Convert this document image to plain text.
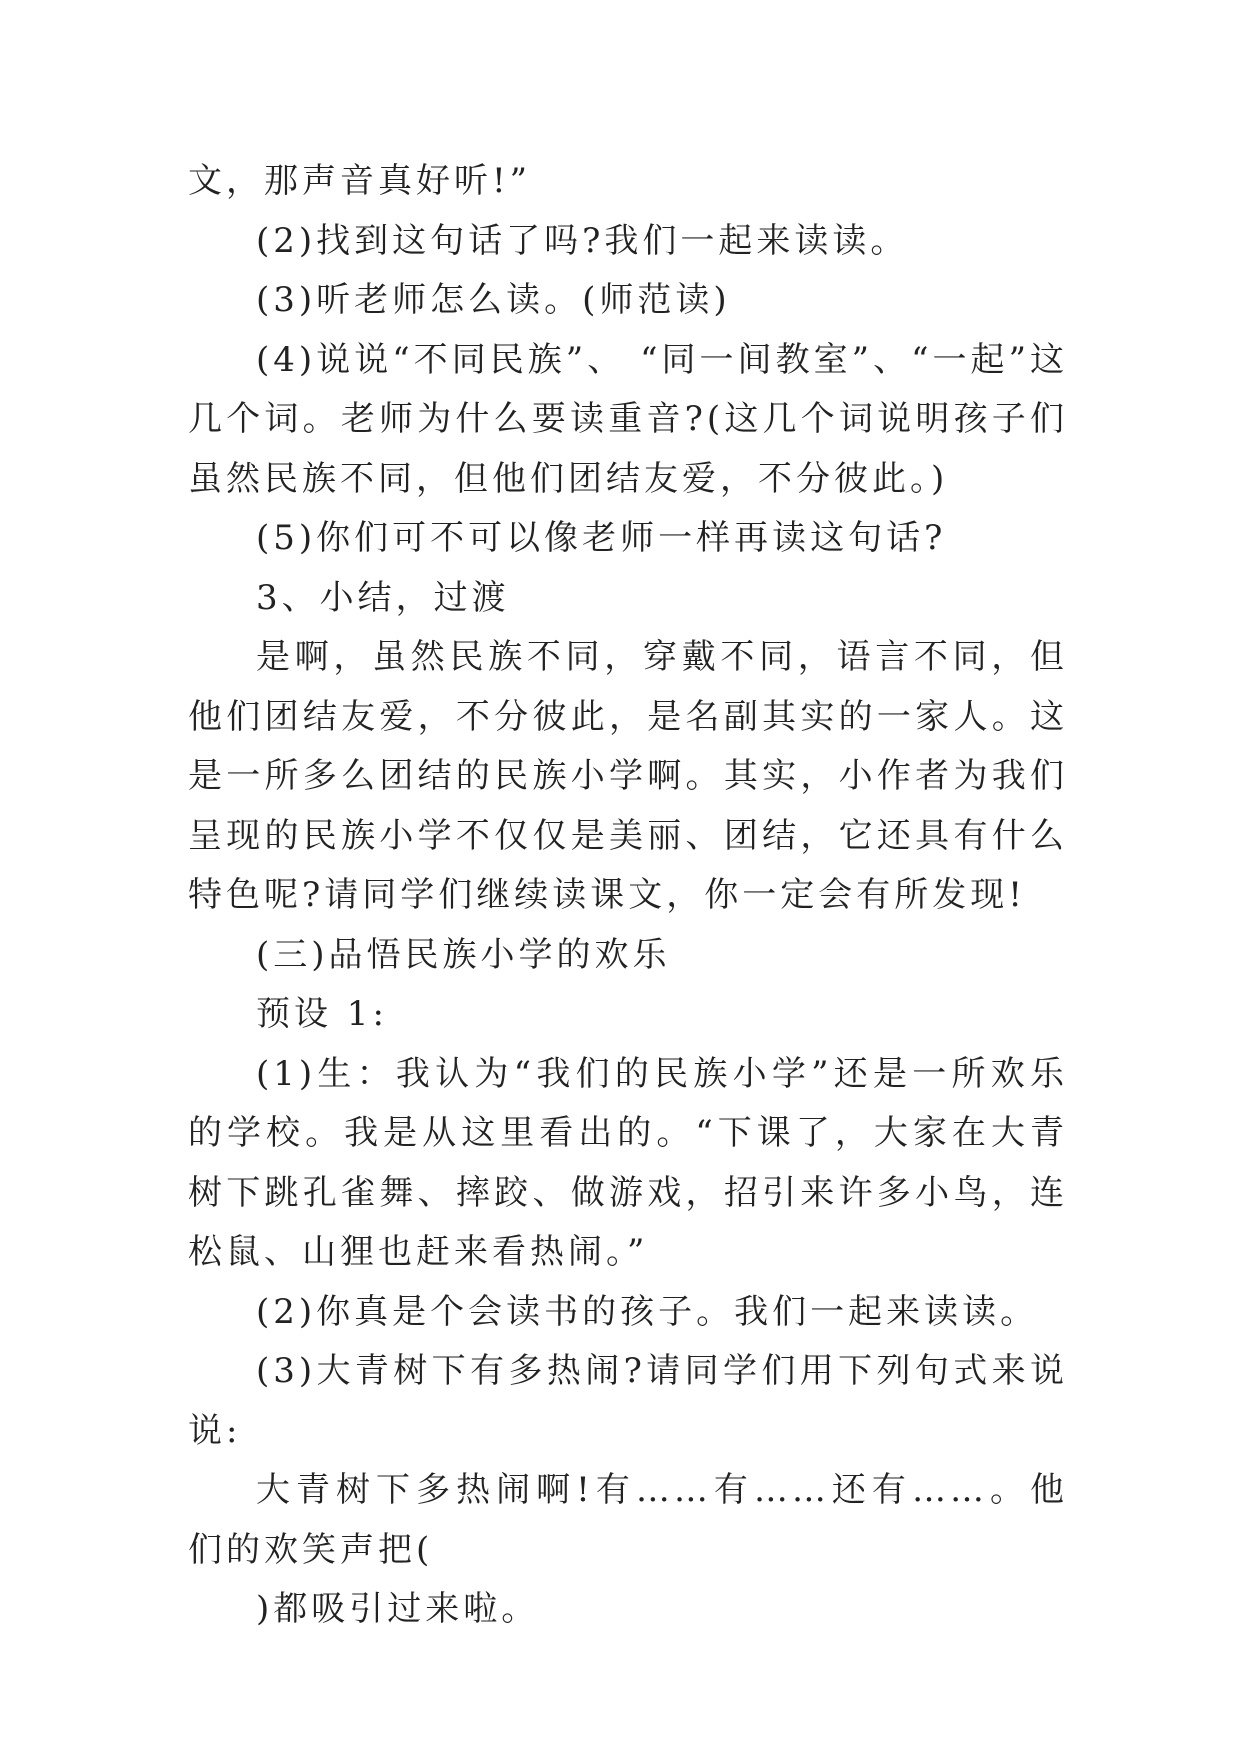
文，那声音真好听!”

(2)找到这句话了吗?我们一起来读读。

(3)听老师怎么读。(师范读)

(4)说说“不同民族”、 “同一间教室”、“一起”这几个词。老师为什么要读重音?(这几个词说明孩子们虽然民族不同，但他们团结友爱，不分彼此。)

(5)你们可不可以像老师一样再读这句话?

3、小结，过渡

是啊，虽然民族不同，穿戴不同，语言不同，但他们团结友爱，不分彼此，是名副其实的一家人。这是一所多么团结的民族小学啊。其实，小作者为我们呈现的民族小学不仅仅是美丽、团结，它还具有什么特色呢?请同学们继续读课文，你一定会有所发现!

(三)品悟民族小学的欢乐

预设 1:

(1)生：我认为“我们的民族小学”还是一所欢乐的学校。我是从这里看出的。“下课了，大家在大青树下跳孔雀舞、摔跤、做游戏，招引来许多小鸟，连松鼠、山狸也赶来看热闹。”

(2)你真是个会读书的孩子。我们一起来读读。

(3)大青树下有多热闹?请同学们用下列句式来说说:

大青树下多热闹啊!有……有……还有……。他们的欢笑声把(

)都吸引过来啦。
